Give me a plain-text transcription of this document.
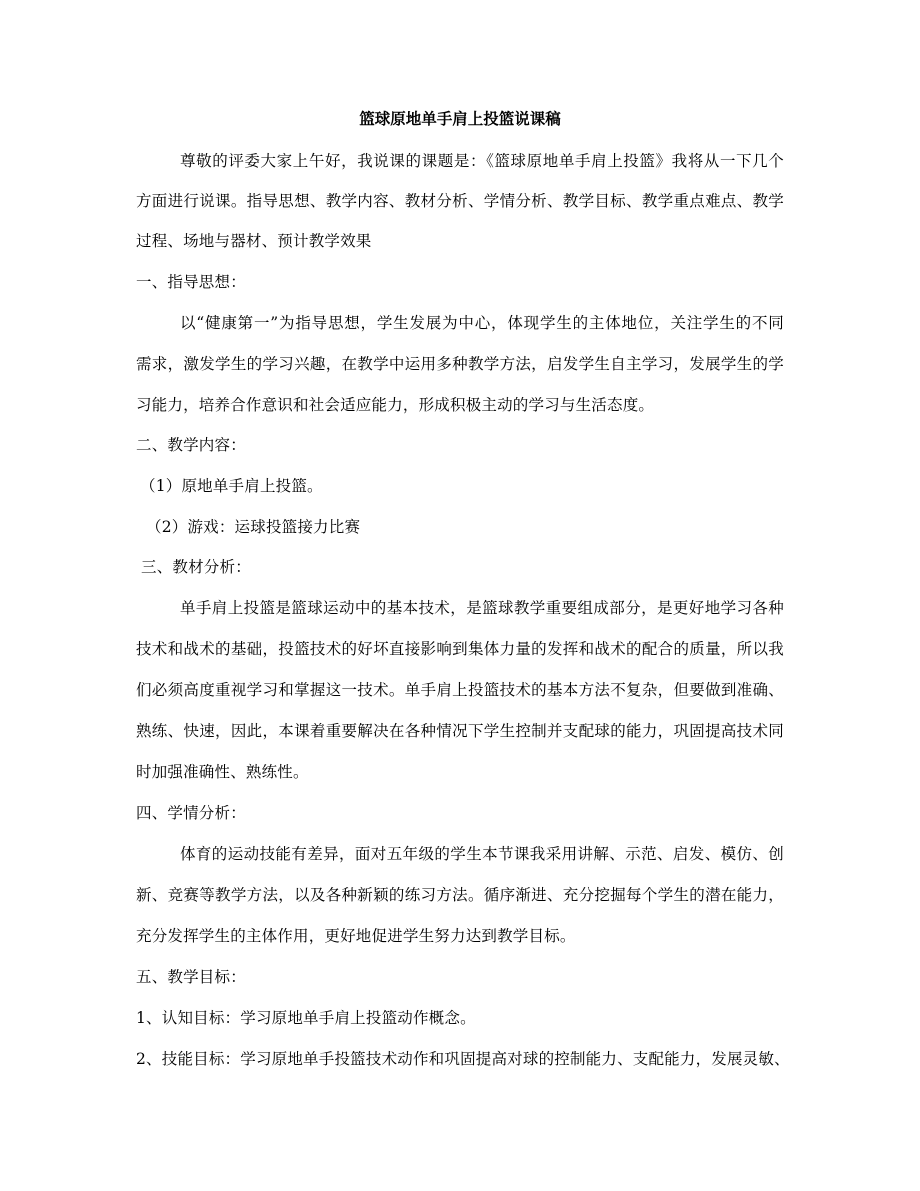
篮球原地单手肩上投篮说课稿
尊敬的评委大家上午好，我说课的课题是：《篮球原地单手肩上投篮》我将从一下几个
方面进行说课。指导思想、教学内容、教材分析、学情分析、教学目标、教学重点难点、教学
过程、场地与器材、预计教学效果
一、指导思想：
以“健康第一”为指导思想，学生发展为中心，体现学生的主体地位，关注学生的不同
需求，激发学生的学习兴趣，在教学中运用多种教学方法，启发学生自主学习，发展学生的学
习能力，培养合作意识和社会适应能力，形成积极主动的学习与生活态度。
二、教学内容：
（1）原地单手肩上投篮。
（2）游戏：运球投篮接力比赛
三、教材分析：
单手肩上投篮是篮球运动中的基本技术，是篮球教学重要组成部分，是更好地学习各种
技术和战术的基础，投篮技术的好坏直接影响到集体力量的发挥和战术的配合的质量，所以我
们必须高度重视学习和掌握这一技术。单手肩上投篮技术的基本方法不复杂，但要做到准确、
熟练、快速，因此，本课着重要解决在各种情况下学生控制并支配球的能力，巩固提高技术同
时加强准确性、熟练性。
四、学情分析：
体育的运动技能有差异，面对五年级的学生本节课我采用讲解、示范、启发、模仿、创
新、竞赛等教学方法，以及各种新颖的练习方法。循序渐进、充分挖掘每个学生的潜在能力，
充分发挥学生的主体作用，更好地促进学生努力达到教学目标。
五、教学目标：
1、认知目标：学习原地单手肩上投篮动作概念。
2、技能目标：学习原地单手投篮技术动作和巩固提高对球的控制能力、支配能力，发展灵敏、
